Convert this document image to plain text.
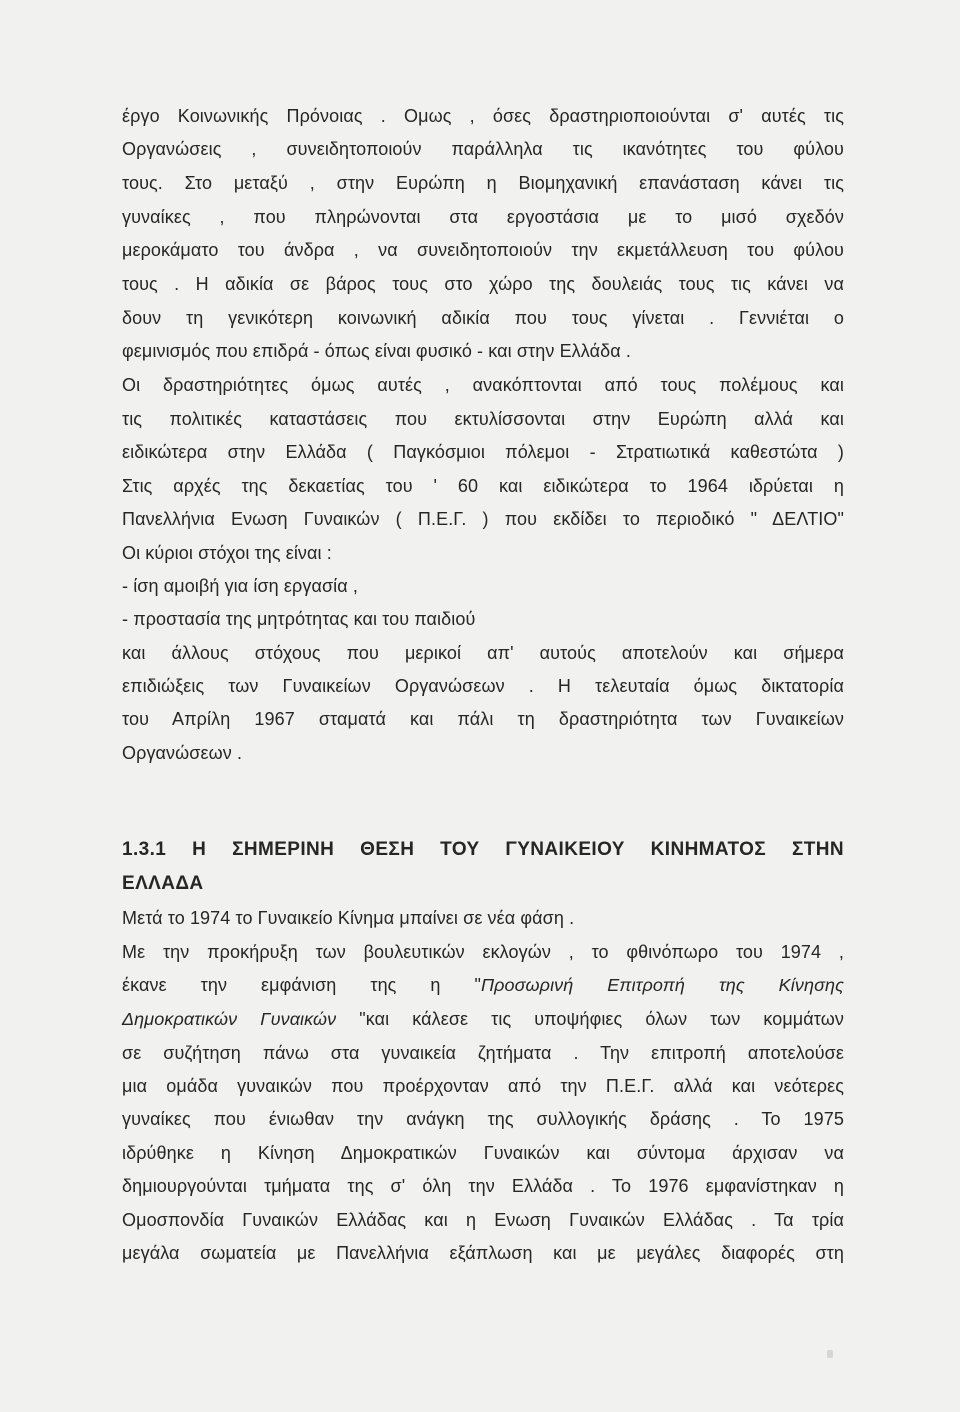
έργο Κοινωνικής Πρόνοιας . Ομως , όσες δραστηριοποιούνται σ' αυτές τις
Οργανώσεις , συνειδητοποιούν παράλληλα τις ικανότητες του φύλου
τους. Στο μεταξύ , στην Ευρώπη η Βιομηχανική επανάσταση κάνει τις
γυναίκες , που πληρώνονται στα εργοστάσια με το μισό σχεδόν
μεροκάματο του άνδρα , να συνειδητοποιούν την εκμετάλλευση του φύλου
τους . Η αδικία σε βάρος τους στο χώρο της δουλειάς τους τις κάνει να
δουν τη γενικότερη κοινωνική αδικία που τους γίνεται . Γεννιέται ο
φεμινισμός που επιδρά - όπως είναι φυσικό - και στην Ελλάδα .
Οι δραστηριότητες όμως αυτές , ανακόπτονται από τους πολέμους και
τις πολιτικές καταστάσεις που εκτυλίσσονται στην Ευρώπη αλλά και
ειδικώτερα στην Ελλάδα ( Παγκόσμιοι πόλεμοι - Στρατιωτικά καθεστώτα )
Στις αρχές της δεκαετίας του ' 60 και ειδικώτερα το 1964 ιδρύεται η
Πανελλήνια Ενωση Γυναικών ( Π.Ε.Γ. ) που εκδίδει το περιοδικό " ΔΕΛΤΙΟ"
Οι κύριοι στόχοι της είναι :
- ίση αμοιβή για ίση εργασία ,
- προστασία της μητρότητας και του παιδιού
και άλλους στόχους που μερικοί απ' αυτούς αποτελούν και σήμερα
επιδιώξεις των Γυναικείων Οργανώσεων . Η τελευταία όμως δικτατορία
του Απρίλη 1967 σταματά και πάλι τη δραστηριότητα των Γυναικείων
Οργανώσεων .
1.3.1 Η ΣΗΜΕΡΙΝΗ ΘΕΣΗ ΤΟΥ ΓΥΝΑΙΚΕΙΟΥ ΚΙΝΗΜΑΤΟΣ ΣΤΗΝ
ΕΛΛΑΔΑ
Μετά το 1974 το Γυναικείο Κίνημα μπαίνει σε νέα φάση .
Με την προκήρυξη των βουλευτικών εκλογών , το φθινόπωρο του 1974 ,
έκανε την εμφάνιση της η "Προσωρινή Επιτροπή της Κίνησης
Δημοκρατικών Γυναικών "και κάλεσε τις υποψήφιες όλων των κομμάτων
σε συζήτηση πάνω στα γυναικεία ζητήματα . Την επιτροπή αποτελούσε
μια ομάδα γυναικών που προέρχονταν από την Π.Ε.Γ. αλλά και νεότερες
γυναίκες που ένιωθαν την ανάγκη της συλλογικής δράσης . Το 1975
ιδρύθηκε η Κίνηση Δημοκρατικών Γυναικών και σύντομα άρχισαν να
δημιουργούνται τμήματα της σ' όλη την Ελλάδα . Το 1976 εμφανίστηκαν η
Ομοσπονδία Γυναικών Ελλάδας και η Ενωση Γυναικών Ελλάδας . Τα τρία
μεγάλα σωματεία με Πανελλήνια εξάπλωση και με μεγάλες διαφορές στη
